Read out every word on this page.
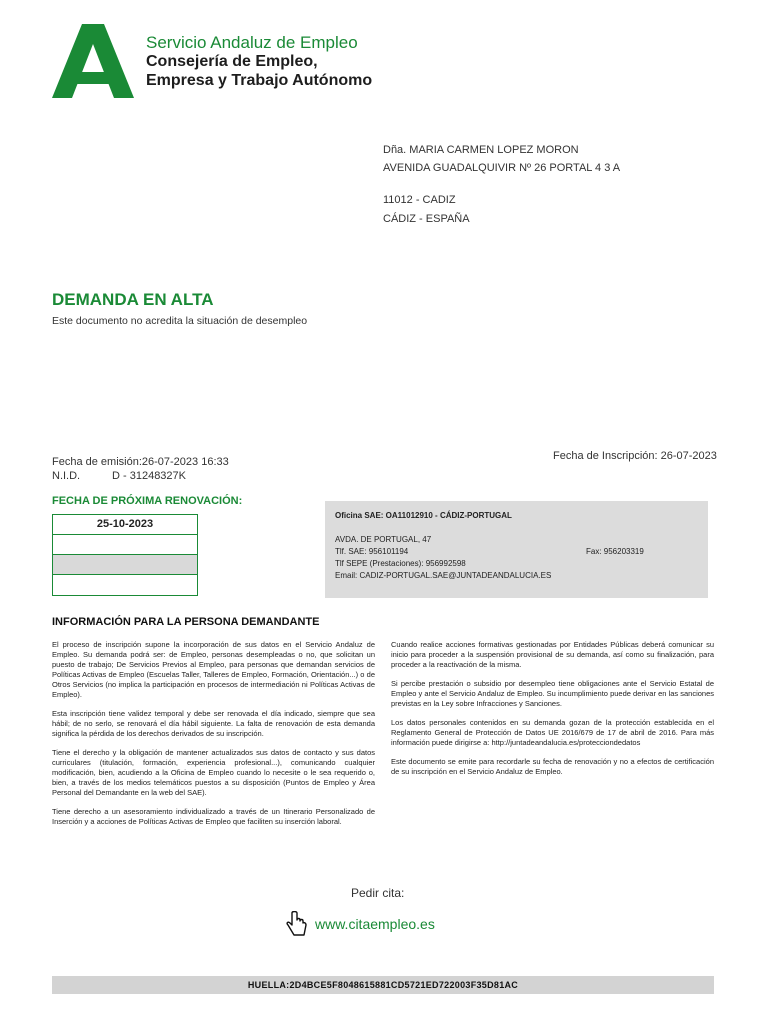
Servicio Andaluz de Empleo
Consejería de Empleo,
Empresa y Trabajo Autónomo
Dña. MARIA CARMEN LOPEZ MORON
AVENIDA GUADALQUIVIR Nº 26 PORTAL 4 3 A
11012 - CADIZ
CÁDIZ - ESPAÑA
DEMANDA EN ALTA
Este documento no acredita la situación de desempleo
Fecha de emisión:26-07-2023 16:33
N.I.D.	D - 31248327K
Fecha de Inscripción: 26-07-2023
FECHA DE PRÓXIMA RENOVACIÓN:
25-10-2023
Oficina SAE: OA11012910 - CÁDIZ-PORTUGAL
AVDA. DE PORTUGAL, 47
Tlf. SAE: 956101194	Fax: 956203319
Tlf SEPE (Prestaciones): 956992598
Email: CADIZ-PORTUGAL.SAE@JUNTADEANDALUCIA.ES
INFORMACIÓN PARA LA PERSONA DEMANDANTE

El proceso de inscripción supone la incorporación de sus datos en el Servicio Andaluz de Empleo. Su demanda podrá ser: de Empleo, personas desempleadas o no, que solicitan un puesto de trabajo; De Servicios Previos al Empleo, para personas que demandan servicios de Políticas Activas de Empleo (Escuelas Taller, Talleres de Empleo, Formación, Orientación...) o de Otros Servicios (no implica la participación en procesos de intermediación ni Políticas Activas de Empleo).

Esta inscripción tiene validez temporal y debe ser renovada el día indicado, siempre que sea hábil; de no serlo, se renovará el día hábil siguiente. La falta de renovación de esta demanda significa la pérdida de los derechos derivados de su inscripción.

Tiene el derecho y la obligación de mantener actualizados sus datos de contacto y sus datos curriculares (titulación, formación, experiencia profesional...), comunicando cualquier modificación, bien, acudiendo a la Oficina de Empleo cuando lo necesite o le sea requerido o, bien, a través de los medios telemáticos puestos a su disposición (Puntos de Empleo y Área Personal del Demandante en la web del SAE).

Tiene derecho a un asesoramiento individualizado a través de un Itinerario Personalizado de Inserción y a acciones de Políticas Activas de Empleo que faciliten su inserción laboral.

Cuando realice acciones formativas gestionadas por Entidades Públicas deberá comunicar su inicio para proceder a la suspensión provisional de su demanda, así como su finalización, para proceder a la reactivación de la misma.

Si percibe prestación o subsidio por desempleo tiene obligaciones ante el Servicio Estatal de Empleo y ante el Servicio Andaluz de Empleo. Su incumplimiento puede derivar en las sanciones previstas en la Ley sobre Infracciones y Sanciones.

Los datos personales contenidos en su demanda gozan de la protección establecida en el Reglamento General de Protección de Datos UE 2016/679 de 17 de abril de 2016. Para más información puede dirigirse a: http://juntadeandalucia.es/protecciondedatos

Este documento se emite para recordarle su fecha de renovación y no a efectos de certificación de su inscripción en el Servicio Andaluz de Empleo.

Pedir cita:
www.citaempleo.es
HUELLA:2D4BCE5F8048615881CD5721ED722003F35D81AC
